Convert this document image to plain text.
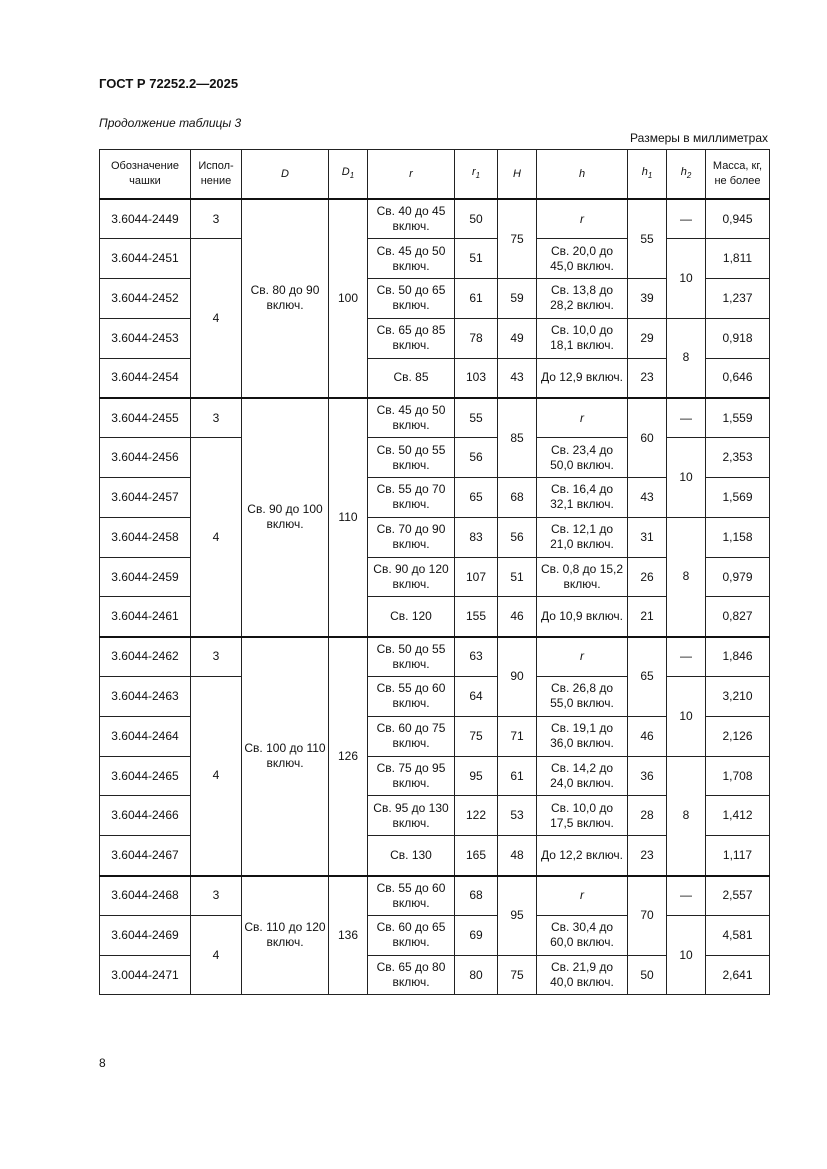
ГОСТ Р 72252.2—2025
Продолжение таблицы 3
Размеры в миллиметрах
Обозначение чашки	Испол-нение	D	$D_1$	r	$r_1$	H	h	$h_1$	$h_2$	Масса, кг, не более
3.6044-2449	3	Св. 80 до 90 включ.	100	Св. 40 до 45 включ.	50	75	r	55	—	0,945
3.6044-2451	4			Св. 45 до 50 включ.	51		Св. 20,0 до 45,0 включ.		10	1,811
3.6044-2452				Св. 50 до 65 включ.	61	59	Св. 13,8 до 28,2 включ.	39		1,237
3.6044-2453				Св. 65 до 85 включ.	78	49	Св. 10,0 до 18,1 включ.	29	8	0,918
3.6044-2454				Св. 85	103	43	До 12,9 включ.	23		0,646
3.6044-2455	3	Св. 90 до 100 включ.	110	Св. 45 до 50 включ.	55	85	r	60	—	1,559
3.6044-2456	4			Св. 50 до 55 включ.	56		Св. 23,4 до 50,0 включ.		10	2,353
3.6044-2457				Св. 55 до 70 включ.	65	68	Св. 16,4 до 32,1 включ.	43		1,569
3.6044-2458				Св. 70 до 90 включ.	83	56	Св. 12,1 до 21,0 включ.	31	8	1,158
3.6044-2459				Св. 90 до 120 включ.	107	51	Св. 0,8 до 15,2 включ.	26		0,979
3.6044-2461				Св. 120	155	46	До 10,9 включ.	21		0,827
3.6044-2462	3	Св. 100 до 110 включ.	126	Св. 50 до 55 включ.	63	90	r	65	—	1,846
3.6044-2463	4			Св. 55 до 60 включ.	64		Св. 26,8 до 55,0 включ.		10	3,210
3.6044-2464				Св. 60 до 75 включ.	75	71	Св. 19,1 до 36,0 включ.	46		2,126
3.6044-2465				Св. 75 до 95 включ.	95	61	Св. 14,2 до 24,0 включ.	36	8	1,708
3.6044-2466				Св. 95 до 130 включ.	122	53	Св. 10,0 до 17,5 включ.	28		1,412
3.6044-2467				Св. 130	165	48	До 12,2 включ.	23		1,117
3.6044-2468	3	Св. 110 до 120 включ.	136	Св. 55 до 60 включ.	68	95	r	70	—	2,557
3.6044-2469	4			Св. 60 до 65 включ.	69		Св. 30,4 до 60,0 включ.		10	4,581
3.0044-2471				Св. 65 до 80 включ.	80	75	Св. 21,9 до 40,0 включ.	50		2,641
8
